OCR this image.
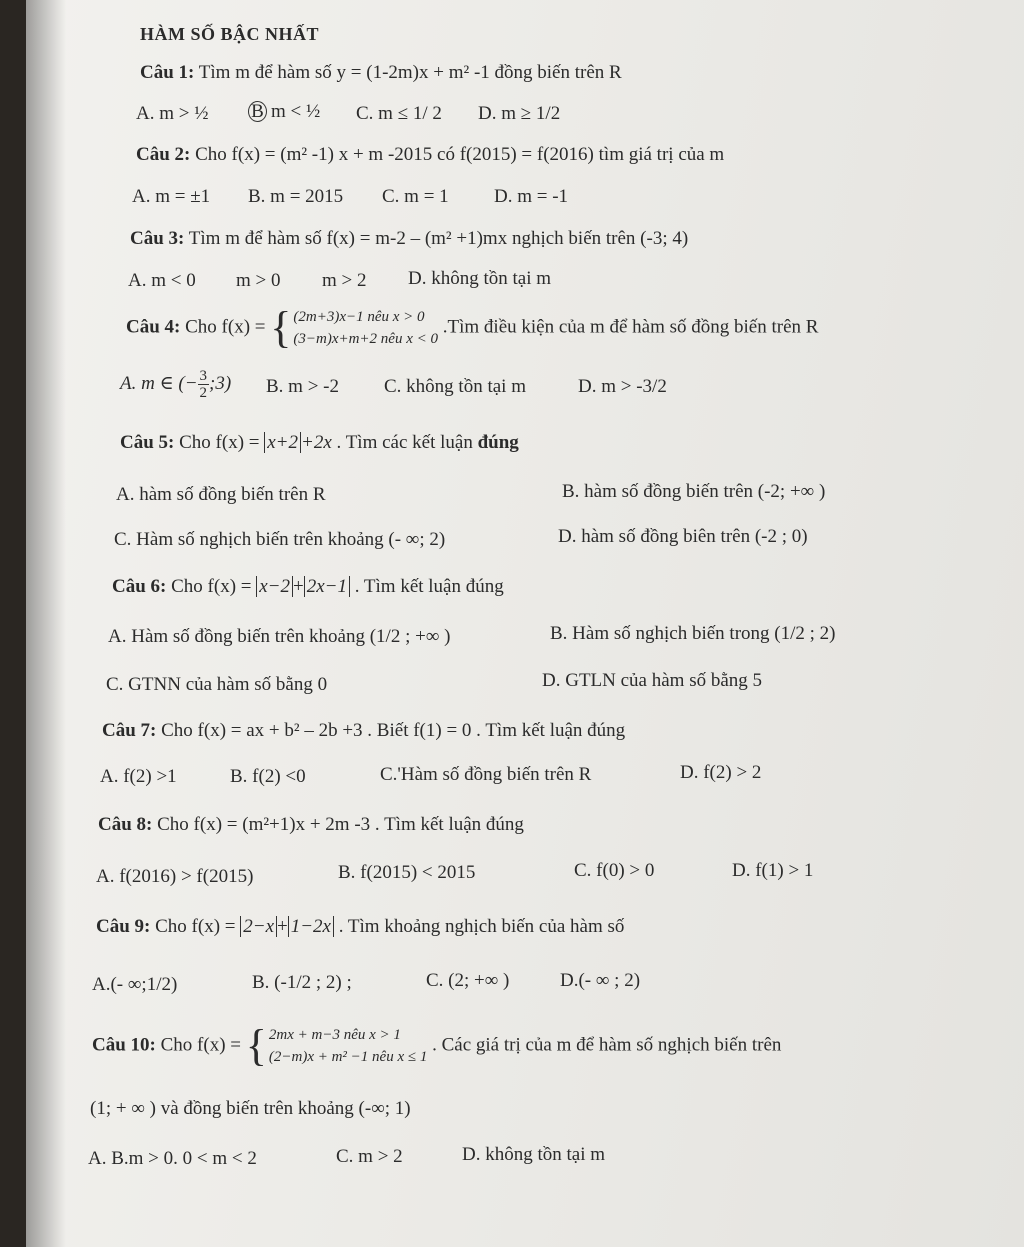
HÀM SỐ BẬC NHẤT
Câu 1: Tìm m để hàm số y = (1-2m)x + m² -1 đồng biến trên R
A. m > ½ B m < ½ C. m ≤ 1/ 2 D. m ≥ 1/2
Câu 2: Cho f(x) = (m² -1) x + m -2015 có f(2015) = f(2016) tìm giá trị của m
A. m = ±1 B. m = 2015 C. m = 1 D. m = -1
Câu 3: Tìm m để hàm số f(x) = m-2 – (m² +1)mx nghịch biến trên (-3; 4)
A. m < 0 m > 0 m > 2 D. không tồn tại m
Câu 4: Cho f(x) = { (2m+3)x−1 nêu x > 0
(3−m)x+m+2 nêu x < 0
.Tìm điều kiện của m để hàm số đồng biến trên R
A. m ∈ (− $\frac{3}{2}$ ;3) B. m > -2 C. không tồn tại m	D. m > -3/2
Câu 5: Cho f(x) = x+2 +2x . Tìm các kết luận đúng
A. hàm số đồng biến trên R	B. hàm số đồng biến trên (-2; +∞ )
C. Hàm số nghịch biến trên khoảng (- ∞; 2)	D. hàm số đồng biên trên (-2 ; 0)
Câu 6: Cho f(x) = x−2 + 2x−1 . Tìm kết luận đúng
A. Hàm số đồng biến trên khoảng (1/2 ; +∞ )	B. Hàm số nghịch biến trong (1/2 ; 2)
C. GTNN của hàm số bằng 0	D. GTLN của hàm số bằng 5
Câu 7: Cho f(x) = ax + b² – 2b +3 . Biết f(1) = 0 . Tìm kết luận đúng
A. f(2) >1	B. f(2) <0	C.'Hàm số đồng biến trên R	D. f(2) > 2
Câu 8: Cho f(x) = (m²+1)x + 2m -3 . Tìm kết luận đúng
A. f(2016) > f(2015)	B. f(2015) < 2015	C. f(0) > 0	D. f(1) > 1
Câu 9: Cho f(x) = 2−x + 1−2x . Tìm khoảng nghịch biến của hàm số
A.(- ∞;1/2)	B. (-1/2 ; 2) ;	C. (2; +∞ )	D.(- ∞ ; 2)
Câu 10: Cho f(x) = { 2mx + m−3 nêu x > 1
(2−m)x + m² −1 nêu x ≤ 1
. Các giá trị của m để hàm số nghịch biến trên
(1; + ∞ ) và đồng biến trên khoảng (-∞; 1)
A. B.m > 0. 0 < m < 2	C. m > 2	D. không tồn tại m
